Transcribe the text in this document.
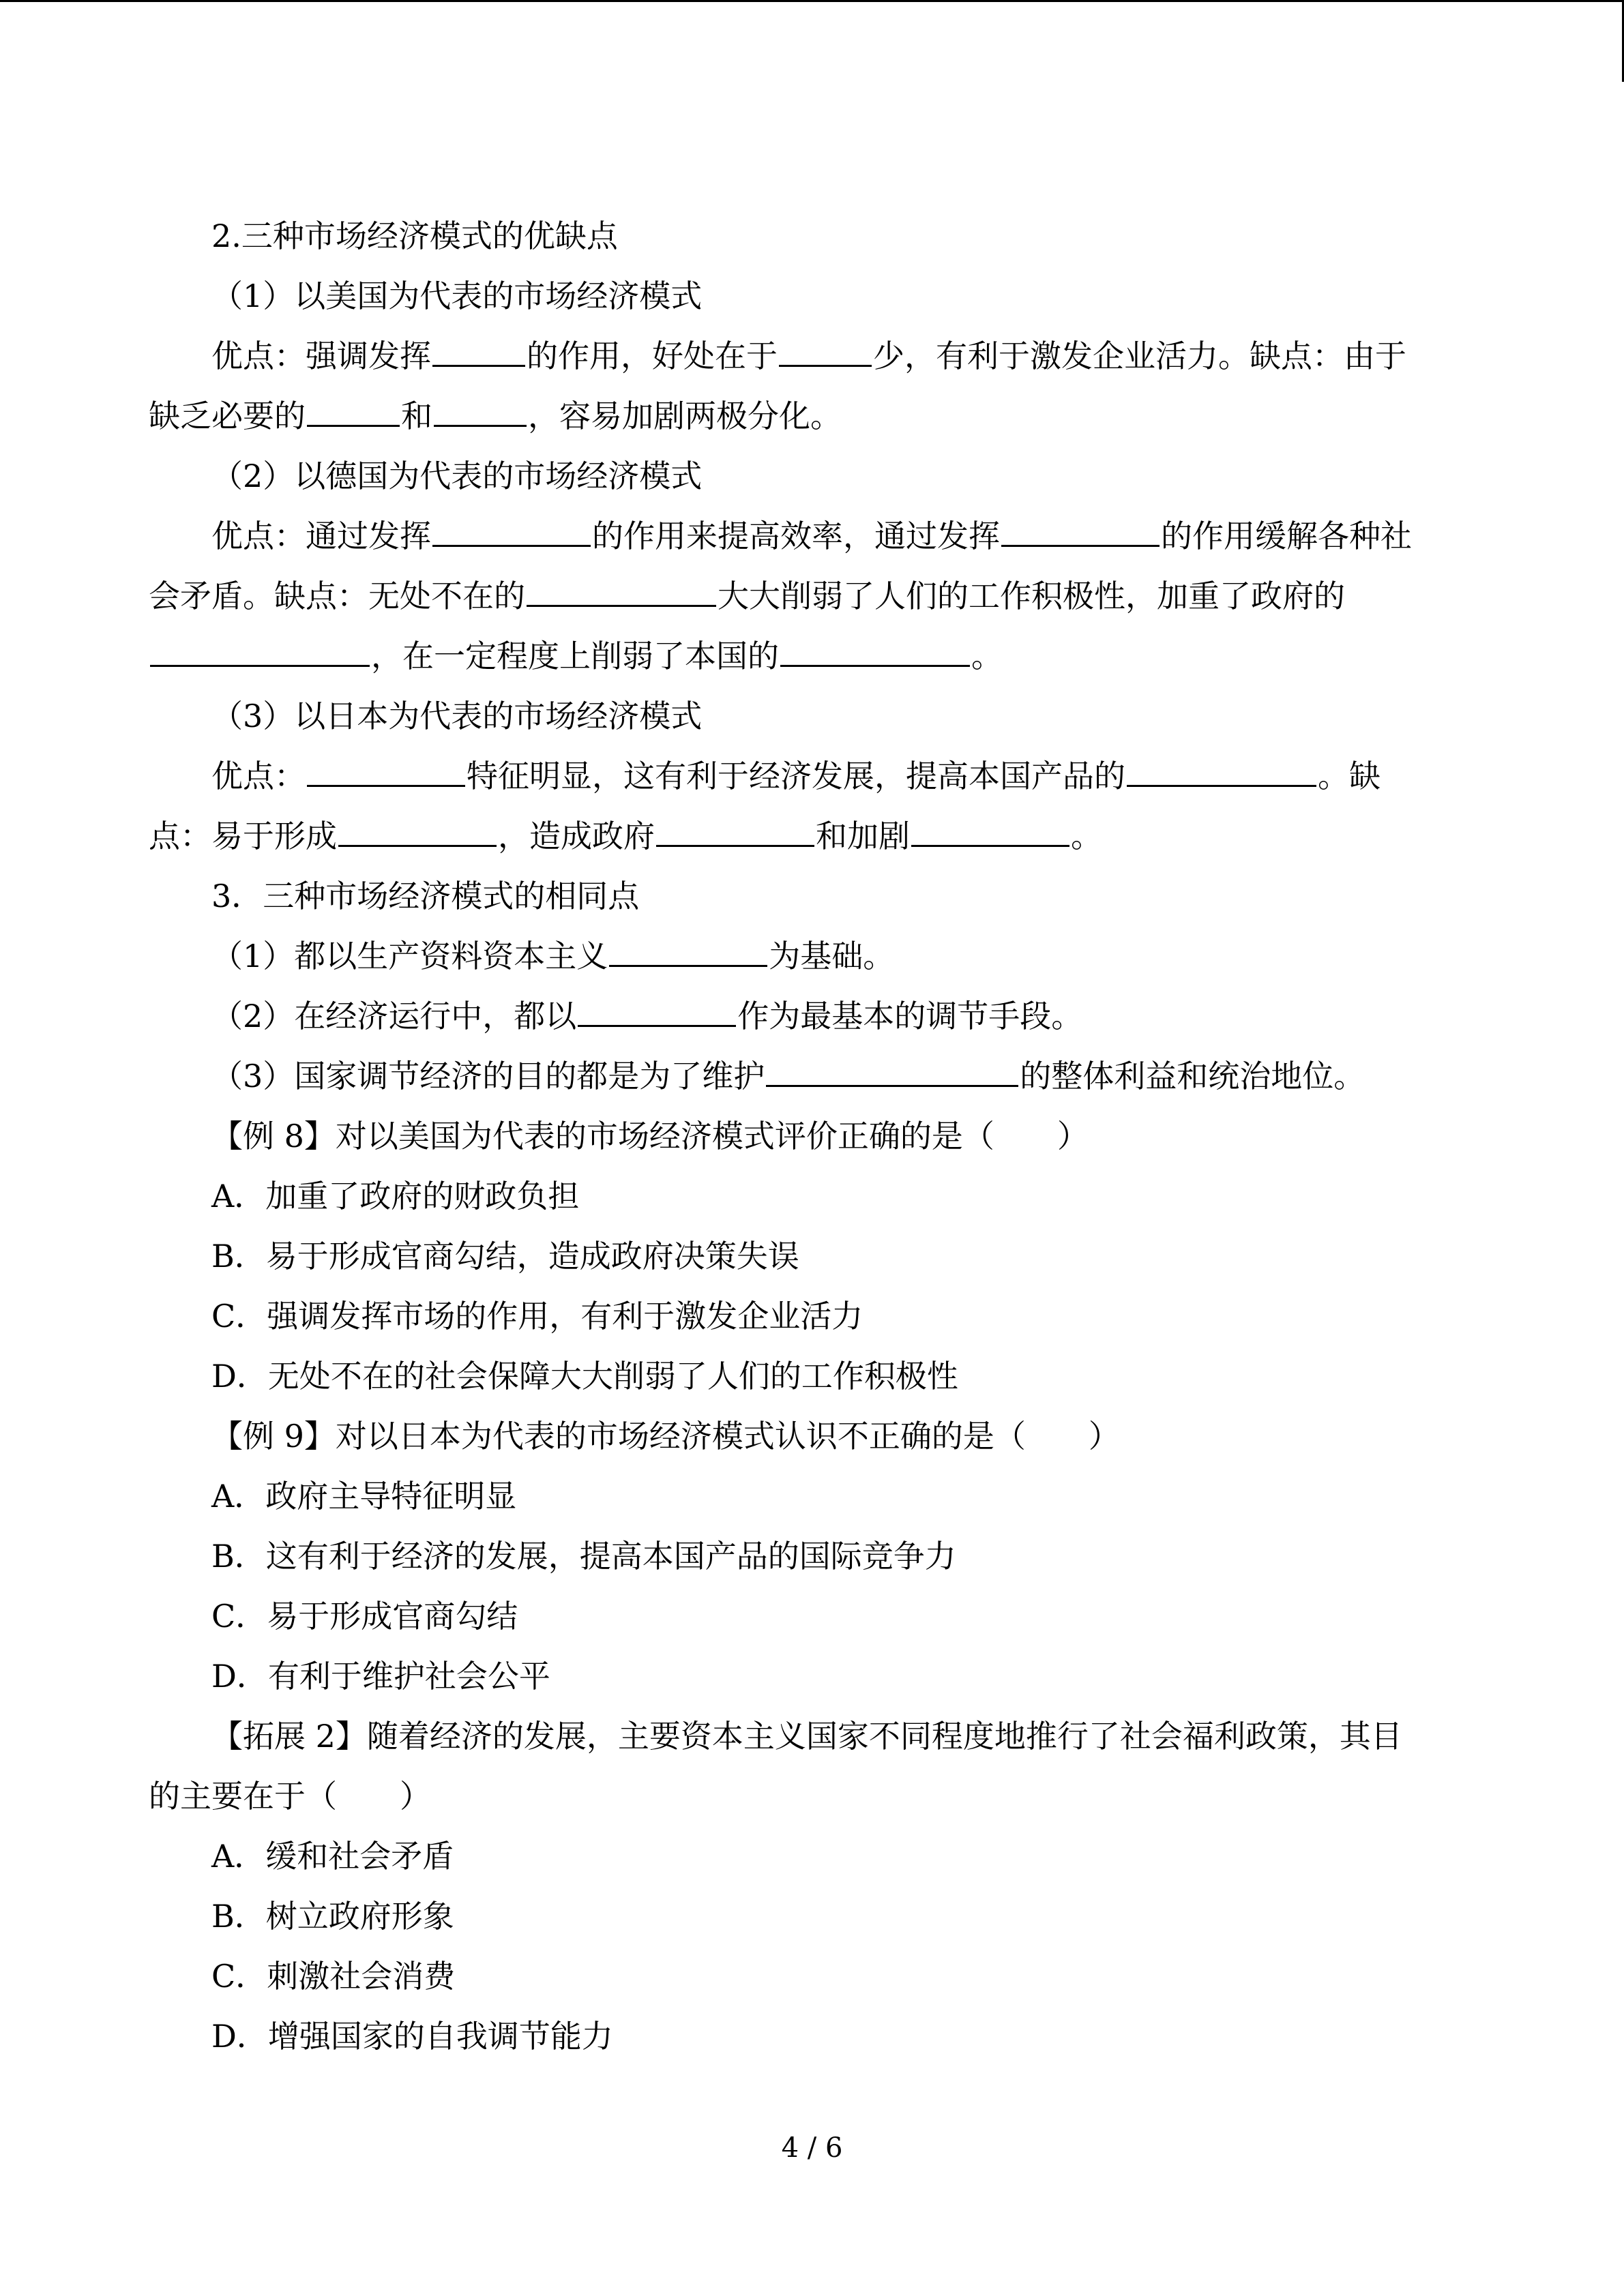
2.三种市场经济模式的优缺点
（1）以美国为代表的市场经济模式
优点：强调发挥	的作用，好处在于	少，有利于激发企业活力。缺点：由于
缺乏必要的	和	，容易加剧两极分化。
（2）以德国为代表的市场经济模式
优点：通过发挥	的作用来提高效率，通过发挥	的作用缓解各种社
会矛盾。缺点：无处不在的	大大削弱了人们的工作积极性，加重了政府的
，在一定程度上削弱了本国的	。
（3）以日本为代表的市场经济模式
优点：	特征明显，这有利于经济发展，提高本国产品的	。缺
点：易于形成	，造成政府	和加剧	。
3．三种市场经济模式的相同点
（1）都以生产资料资本主义	为基础。
（2）在经济运行中，都以	作为最基本的调节手段。
（3）国家调节经济的目的都是为了维护	的整体利益和统治地位。
【例 8】对以美国为代表的市场经济模式评价正确的是（　　）
A．加重了政府的财政负担
B．易于形成官商勾结，造成政府决策失误
C．强调发挥市场的作用，有利于激发企业活力
D．无处不在的社会保障大大削弱了人们的工作积极性
【例 9】对以日本为代表的市场经济模式认识不正确的是（　　）
A．政府主导特征明显
B．这有利于经济的发展，提高本国产品的国际竞争力
C．易于形成官商勾结
D．有利于维护社会公平
【拓展 2】随着经济的发展，主要资本主义国家不同程度地推行了社会福利政策，其目
的主要在于（　　）
A．缓和社会矛盾
B．树立政府形象
C．刺激社会消费
D．增强国家的自我调节能力
4 / 6
